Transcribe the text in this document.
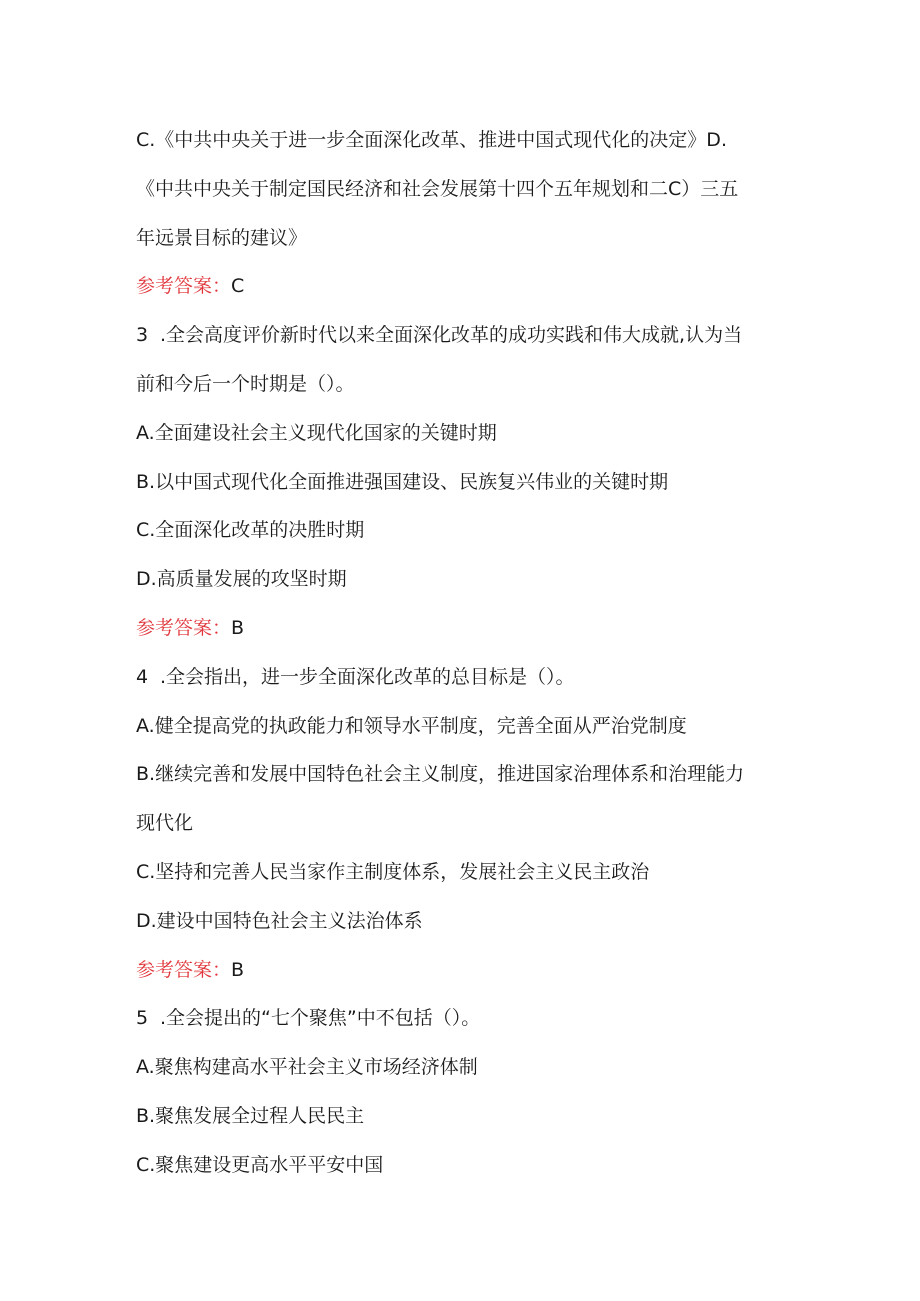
C.《中共中央关于进一步全面深化改革、推进中国式现代化的决定》D.
《中共中央关于制定国民经济和社会发展第十四个五年规划和二C）三五
年远景目标的建议》
参考答案：C
3 .全会高度评价新时代以来全面深化改革的成功实践和伟大成就,认为当
前和今后一个时期是（）。
A.全面建设社会主义现代化国家的关键时期
B.以中国式现代化全面推进强国建设、民族复兴伟业的关键时期
C.全面深化改革的决胜时期
D.高质量发展的攻坚时期
参考答案：B
4 .全会指出，进一步全面深化改革的总目标是（）。
A.健全提高党的执政能力和领导水平制度，完善全面从严治党制度
B.继续完善和发展中国特色社会主义制度，推进国家治理体系和治理能力
现代化
C.坚持和完善人民当家作主制度体系，发展社会主义民主政治
D.建设中国特色社会主义法治体系
参考答案：B
5 .全会提出的“七个聚焦”中不包括（）。
A.聚焦构建高水平社会主义市场经济体制
B.聚焦发展全过程人民民主
C.聚焦建设更高水平平安中国
